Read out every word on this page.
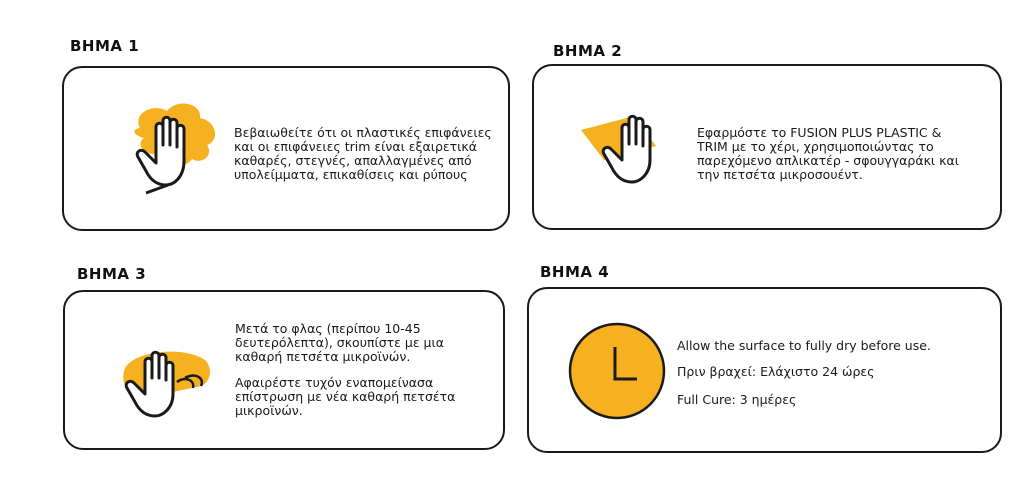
ΒΗΜΑ 1

Βεβαιωθείτε ότι οι πλαστικές επιφάνειες

και οι επιφάνειες trim είναι εξαιρετικά

καθαρές, στεγνές, απαλλαγμένες από

υπολείμματα, επικαθίσεις και ρύπους

ΒΗΜΑ 2

Εφαρμόστε το FUSION PLUS PLASTIC &

TRIM με το χέρι, χρησιμοποιώντας το

παρεχόμενο απλικατέρ - σφουγγαράκι και

την πετσέτα μικροσουέντ.

ΒΗΜΑ 3

Μετά το φλας (περίπου 10-45

δευτερόλεπτα), σκουπίστε με μια

καθαρή πετσέτα μικροϊνών.

Αφαιρέστε τυχόν εναπομείνασα

επίστρωση με νέα καθαρή πετσέτα

μικροϊνών.

ΒΗΜΑ 4
Allow the surface to fully dry before use.
Πριν βραχεί: Ελάχιστο 24 ώρες
Full Cure: 3 ημέρες
